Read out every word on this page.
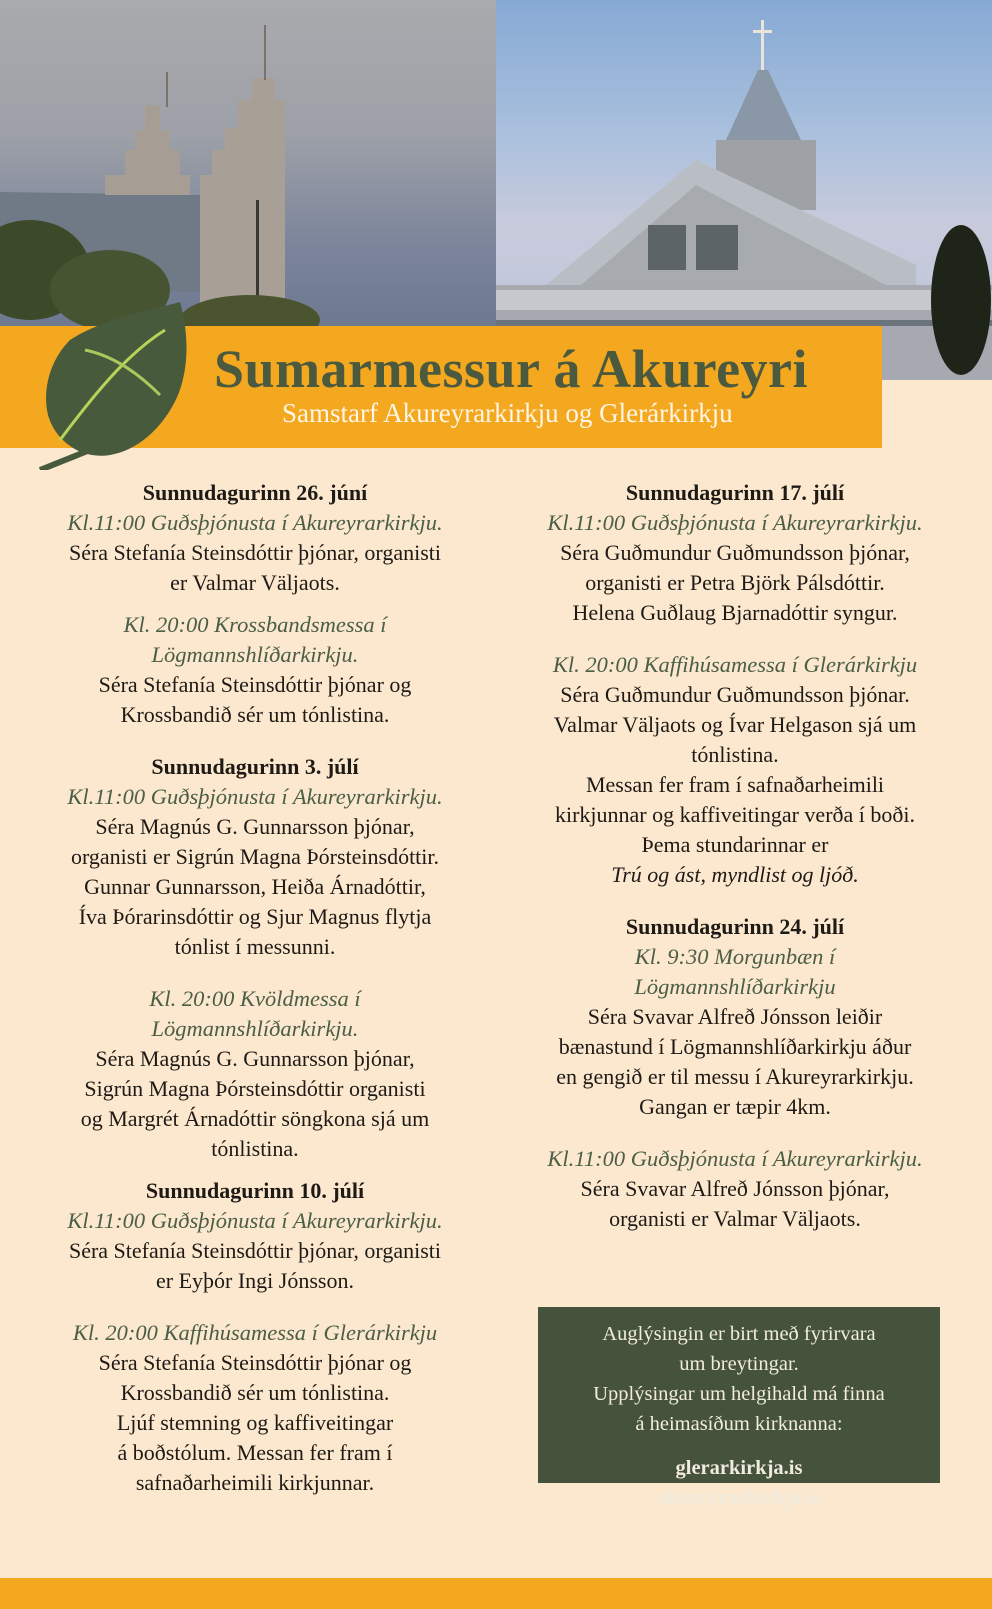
Sumarmessur á Akureyri
Samstarf Akureyrarkirkju og Glerárkirkju
Sunnudagurinn 26. júní
Kl.11:00 Guðsþjónusta í Akureyrarkirkju.
Séra Stefanía Steinsdóttir þjónar, organisti
er Valmar Väljaots.
Kl. 20:00 Krossbandsmessa í
Lögmannshlíðarkirkju.
Séra Stefanía Steinsdóttir þjónar og
Krossbandið sér um tónlistina.
Sunnudagurinn 3. júlí
Kl.11:00 Guðsþjónusta í Akureyrarkirkju.
Séra Magnús G. Gunnarsson þjónar,
organisti er Sigrún Magna Þórsteinsdóttir.
Gunnar Gunnarsson, Heiða Árnadóttir,
Íva Þórarinsdóttir og Sjur Magnus flytja
tónlist í messunni.
Kl. 20:00 Kvöldmessa í
Lögmannshlíðarkirkju.
Séra Magnús G. Gunnarsson þjónar,
Sigrún Magna Þórsteinsdóttir organisti
og Margrét Árnadóttir söngkona sjá um
tónlistina.
Sunnudagurinn 10. júlí
Kl.11:00 Guðsþjónusta í Akureyrarkirkju.
Séra Stefanía Steinsdóttir þjónar, organisti
er Eyþór Ingi Jónsson.
Kl. 20:00 Kaffihúsamessa í Glerárkirkju
Séra Stefanía Steinsdóttir þjónar og
Krossbandið sér um tónlistina.
Ljúf stemning og kaffiveitingar
á boðstólum. Messan fer fram í
safnaðarheimili kirkjunnar.
Sunnudagurinn 17. júlí
Kl.11:00 Guðsþjónusta í Akureyrarkirkju.
Séra Guðmundur Guðmundsson þjónar,
organisti er Petra Björk Pálsdóttir.
Helena Guðlaug Bjarnadóttir syngur.
Kl. 20:00 Kaffihúsamessa í Glerárkirkju
Séra Guðmundur Guðmundsson þjónar.
Valmar Väljaots og Ívar Helgason sjá um
tónlistina.
Messan fer fram í safnaðarheimili
kirkjunnar og kaffiveitingar verða í boði.
Þema stundarinnar er
Trú og ást, myndlist og ljóð.
Sunnudagurinn 24. júlí
Kl. 9:30 Morgunbæn í
Lögmannshlíðarkirkju
Séra Svavar Alfreð Jónsson leiðir
bænastund í Lögmannshlíðarkirkju áður
en gengið er til messu í Akureyrarkirkju.
Gangan er tæpir 4km.
Kl.11:00 Guðsþjónusta í Akureyrarkirkju.
Séra Svavar Alfreð Jónsson þjónar,
organisti er Valmar Väljaots.
Auglýsingin er birt með fyrirvara
um breytingar.
Upplýsingar um helgihald má finna
á heimasíðum kirknanna:
glerarkirkja.is
akureyrarkirkja.is
